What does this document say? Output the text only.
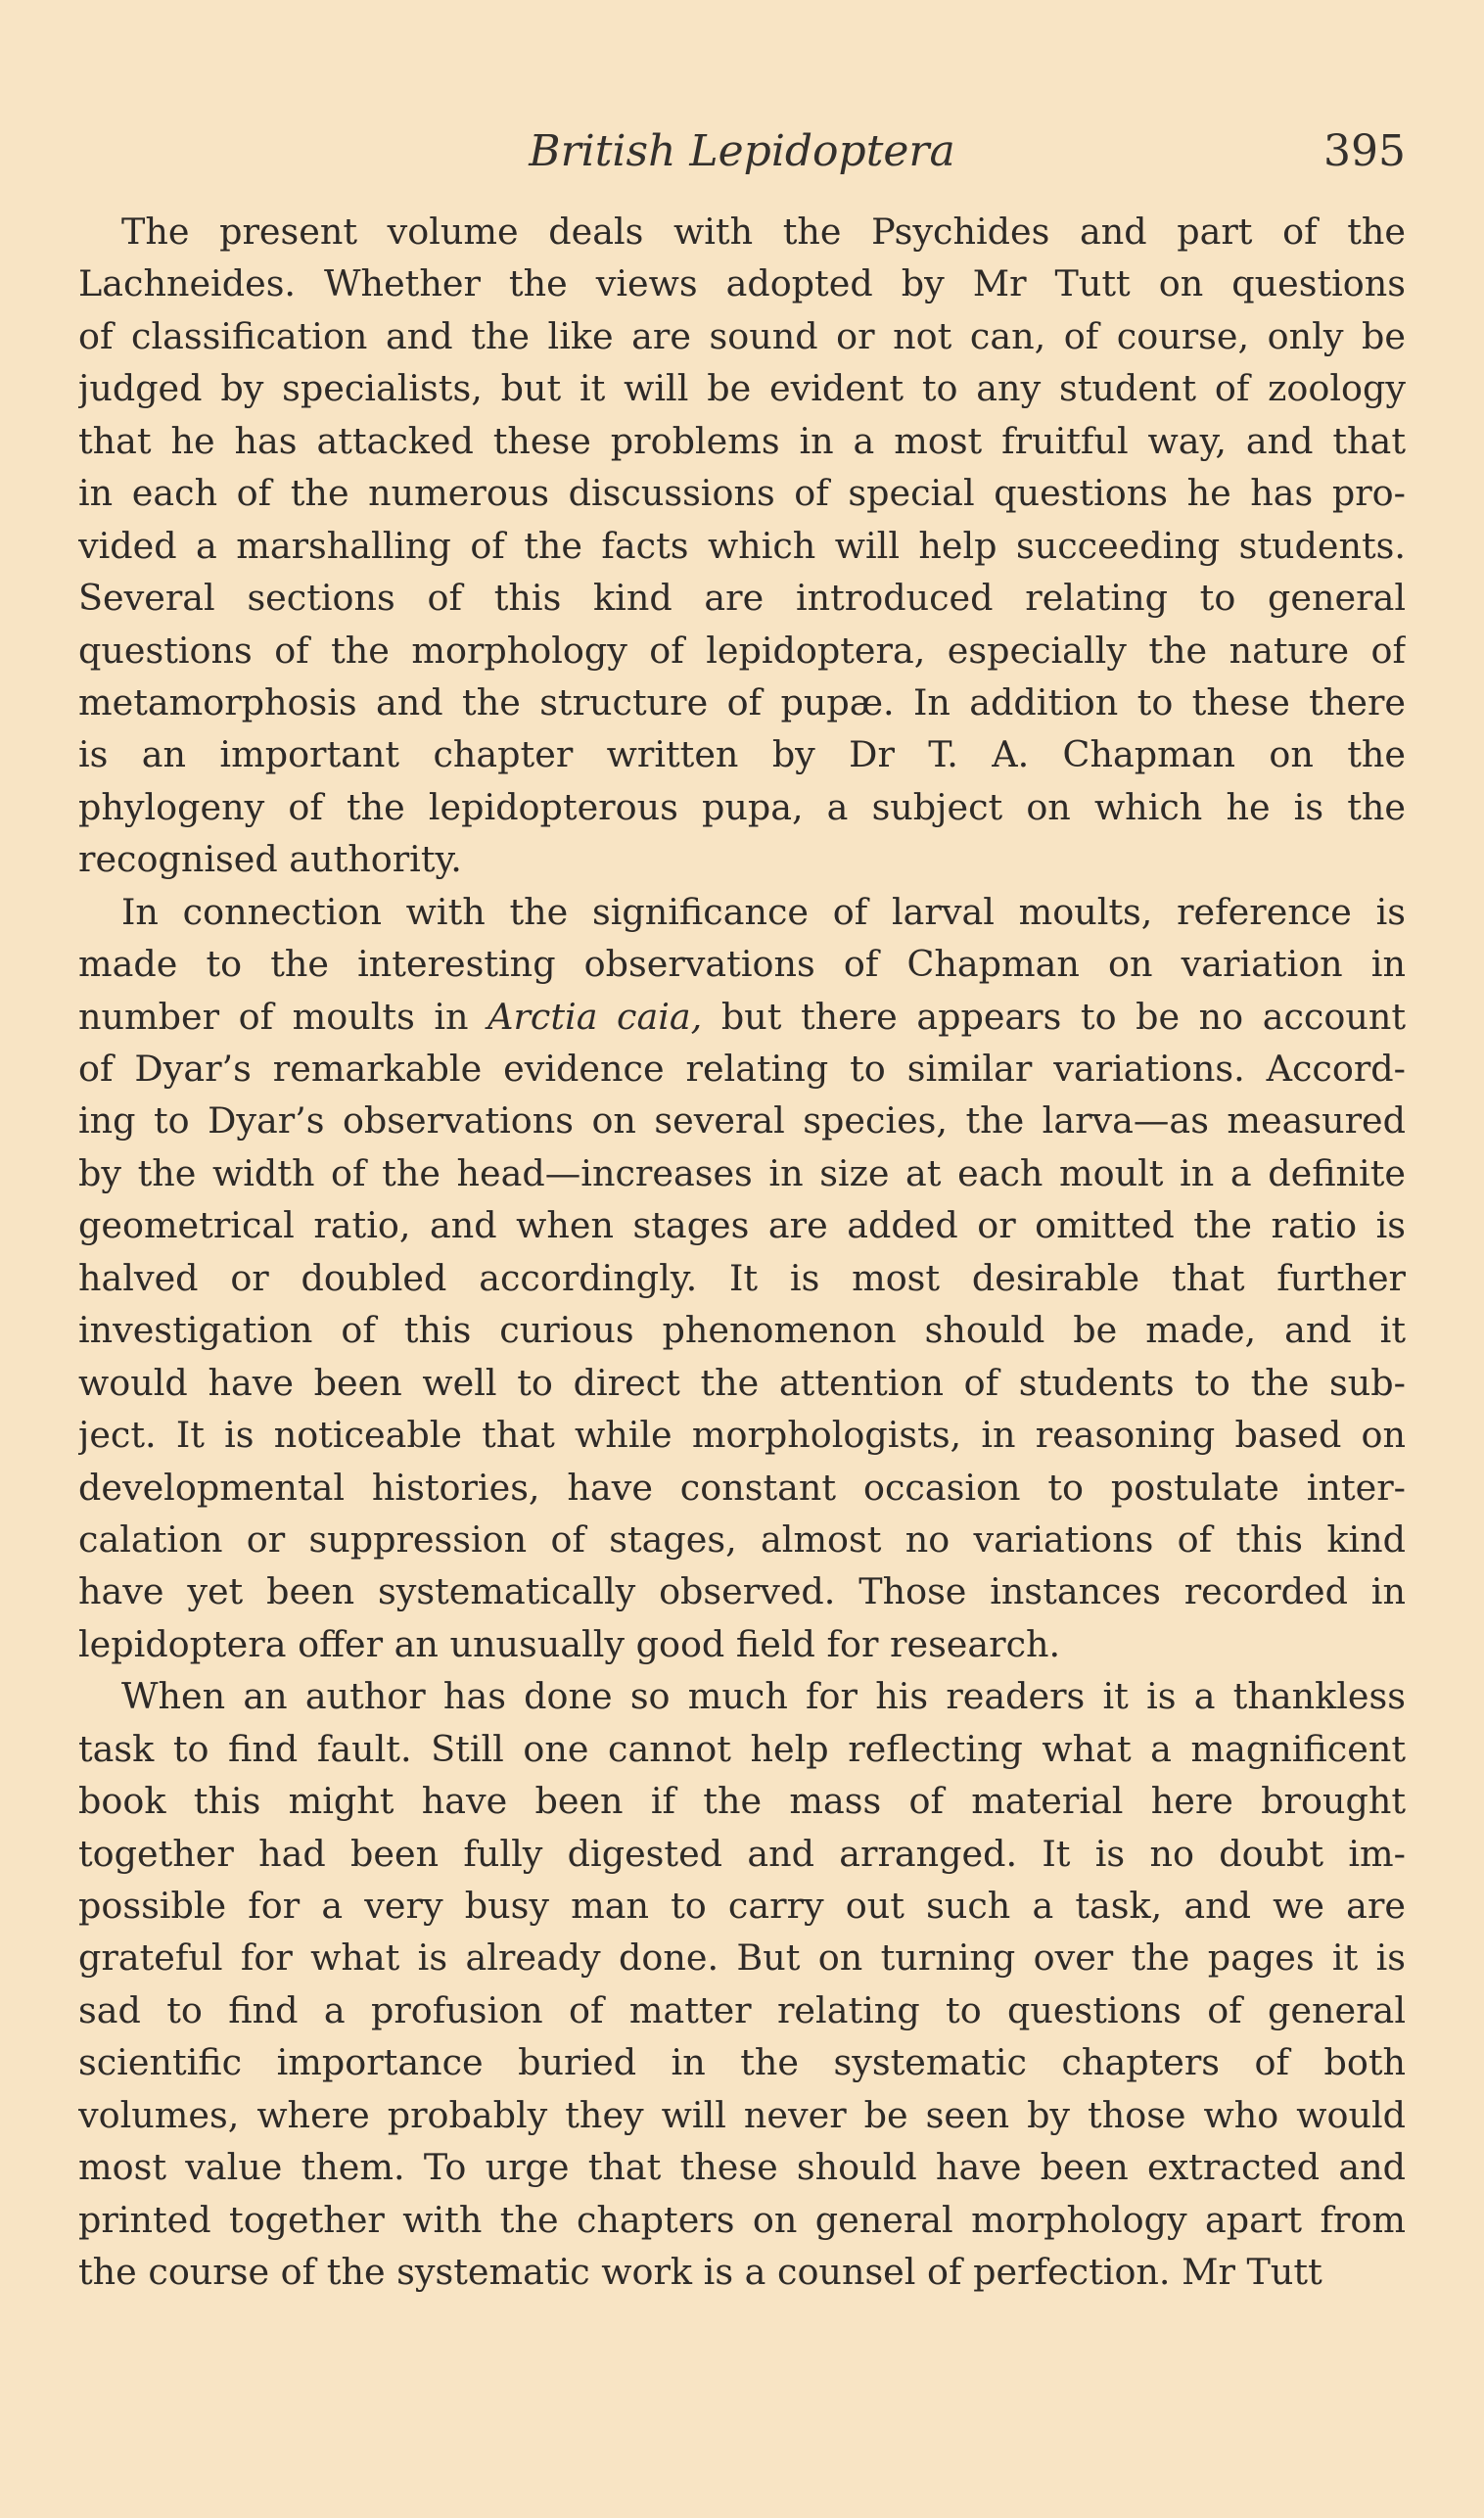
British Lepidoptera	395
The present volume deals with the Psychides and part of the
Lachneides. Whether the views adopted by Mr Tutt on questions
of classification and the like are sound or not can, of course, only be
judged by specialists, but it will be evident to any student of zoology
that he has attacked these problems in a most fruitful way, and that
in each of the numerous discussions of special questions he has pro-
vided a marshalling of the facts which will help succeeding students.
Several sections of this kind are introduced relating to general
questions of the morphology of lepidoptera, especially the nature of
metamorphosis and the structure of pupæ. In addition to these there
is an important chapter written by Dr T. A. Chapman on the
phylogeny of the lepidopterous pupa, a subject on which he is the
recognised authority.
In connection with the significance of larval moults, reference is
made to the interesting observations of Chapman on variation in
number of moults in Arctia caia, but there appears to be no account
of Dyar’s remarkable evidence relating to similar variations. Accord-
ing to Dyar’s observations on several species, the larva—as measured
by the width of the head—increases in size at each moult in a definite
geometrical ratio, and when stages are added or omitted the ratio is
halved or doubled accordingly. It is most desirable that further
investigation of this curious phenomenon should be made, and it
would have been well to direct the attention of students to the sub-
ject. It is noticeable that while morphologists, in reasoning based on
developmental histories, have constant occasion to postulate inter-
calation or suppression of stages, almost no variations of this kind
have yet been systematically observed. Those instances recorded in
lepidoptera offer an unusually good field for research.
When an author has done so much for his readers it is a thankless
task to find fault. Still one cannot help reflecting what a magnificent
book this might have been if the mass of material here brought
together had been fully digested and arranged. It is no doubt im-
possible for a very busy man to carry out such a task, and we are
grateful for what is already done. But on turning over the pages it is
sad to find a profusion of matter relating to questions of general
scientific importance buried in the systematic chapters of both
volumes, where probably they will never be seen by those who would
most value them. To urge that these should have been extracted and
printed together with the chapters on general morphology apart from
the course of the systematic work is a counsel of perfection. Mr Tutt
